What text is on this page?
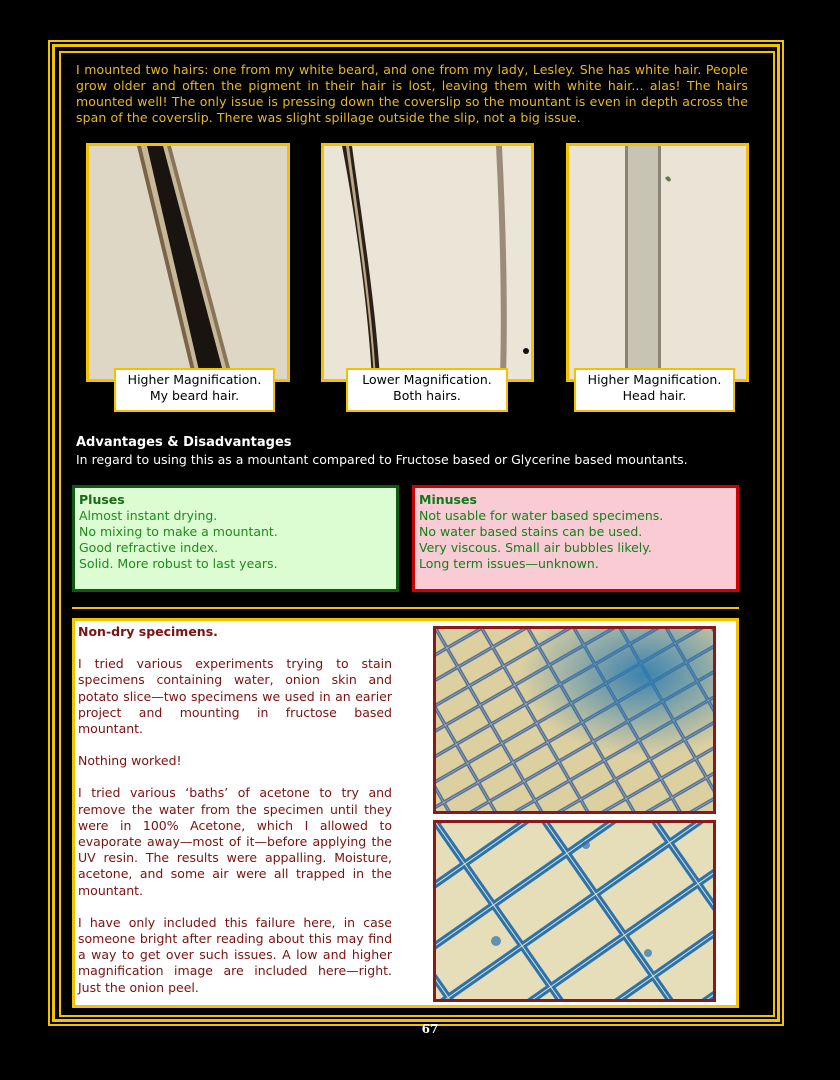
I mounted two hairs: one from my white beard, and one from my lady, Lesley. She has white hair. People grow older and often the pigment in their hair is lost, leaving them with white hair... alas! The hairs mounted well! The only issue is pressing down the coverslip so the mountant is even in depth across the span of the coverslip. There was slight spillage outside the slip, not a big issue.
Higher Magnification.
My beard hair.
Lower Magnification.
Both hairs.
Higher Magnification.
Head hair.
Advantages & Disadvantages
In regard to using this as a mountant compared to Fructose based or Glycerine based mountants.
Pluses
Almost instant drying.
No mixing to make a mountant.
Good refractive index.
Solid. More robust to last years.
Minuses
Not usable for water based specimens.
No water based stains can be used.
Very viscous. Small air bubbles likely.
Long term issues—unknown.

Non-dry specimens.

I tried various experiments trying to stain specimens containing water, onion skin and potato slice—two specimens we used in an earier project and mounting in fructose based mountant.

Nothing worked!

I tried various ‘baths’ of acetone to try and remove the water from the specimen until they were in 100% Acetone, which I allowed to evaporate away—most of it—before applying the UV resin. The results were appalling. Moisture, acetone, and some air were all trapped in the mountant.

I have only included this failure here, in case someone bright after reading about this may find a way to get over such issues. A low and higher magnification image are included here—right. Just the onion peel.

67
